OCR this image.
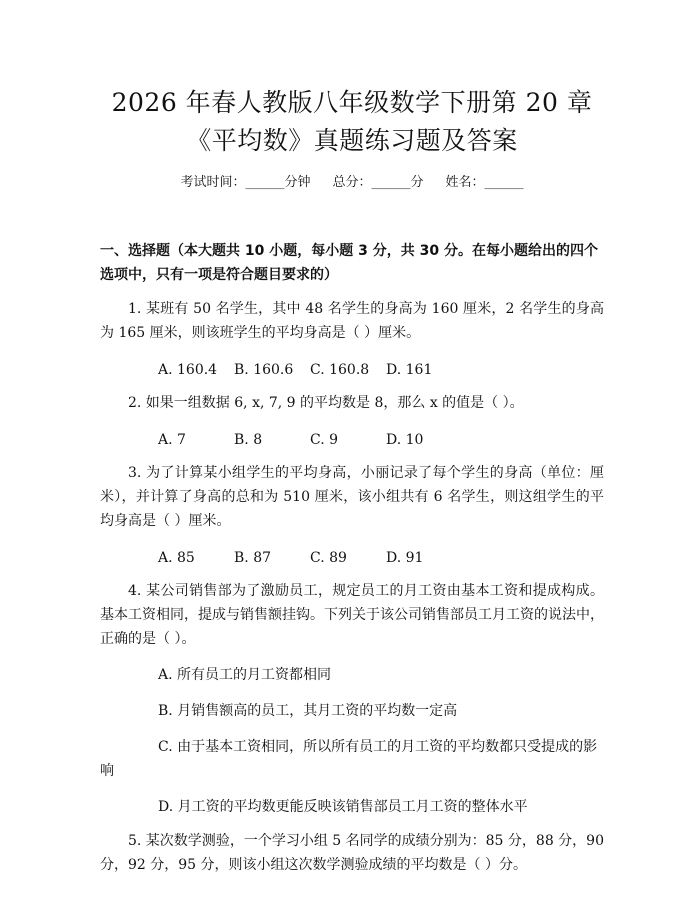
2026 年春人教版八年级数学下册第 20 章
《平均数》真题练习题及答案
考试时间：______分钟 总分：______分 姓名：______
一、选择题（本大题共 10 小题，每小题 3 分，共 30 分。在每小题给出的四个选项中，只有一项是符合题目要求的）
1. 某班有 50 名学生，其中 48 名学生的身高为 160 厘米，2 名学生的身高为 165 厘米，则该班学生的平均身高是（ ）厘米。
A. 160.4 B. 160.6 C. 160.8 D. 161
2. 如果一组数据 6, x, 7, 9 的平均数是 8，那么 x 的值是（ ）。
A. 7	B. 8	C. 9	D. 10
3. 为了计算某小组学生的平均身高，小丽记录了每个学生的身高（单位：厘米），并计算了身高的总和为 510 厘米，该小组共有 6 名学生，则这组学生的平均身高是（ ）厘米。
A. 85	B. 87	C. 89	D. 91
4. 某公司销售部为了激励员工，规定员工的月工资由基本工资和提成构成。基本工资相同，提成与销售额挂钩。下列关于该公司销售部员工月工资的说法中，正确的是（ ）。
A. 所有员工的月工资都相同
B. 月销售额高的员工，其月工资的平均数一定高
C. 由于基本工资相同，所以所有员工的月工资的平均数都只受提成的影响
D. 月工资的平均数更能反映该销售部员工月工资的整体水平
5. 某次数学测验，一个学习小组 5 名同学的成绩分别为：85 分，88 分，90 分，92 分，95 分，则该小组这次数学测验成绩的平均数是（ ）分。
